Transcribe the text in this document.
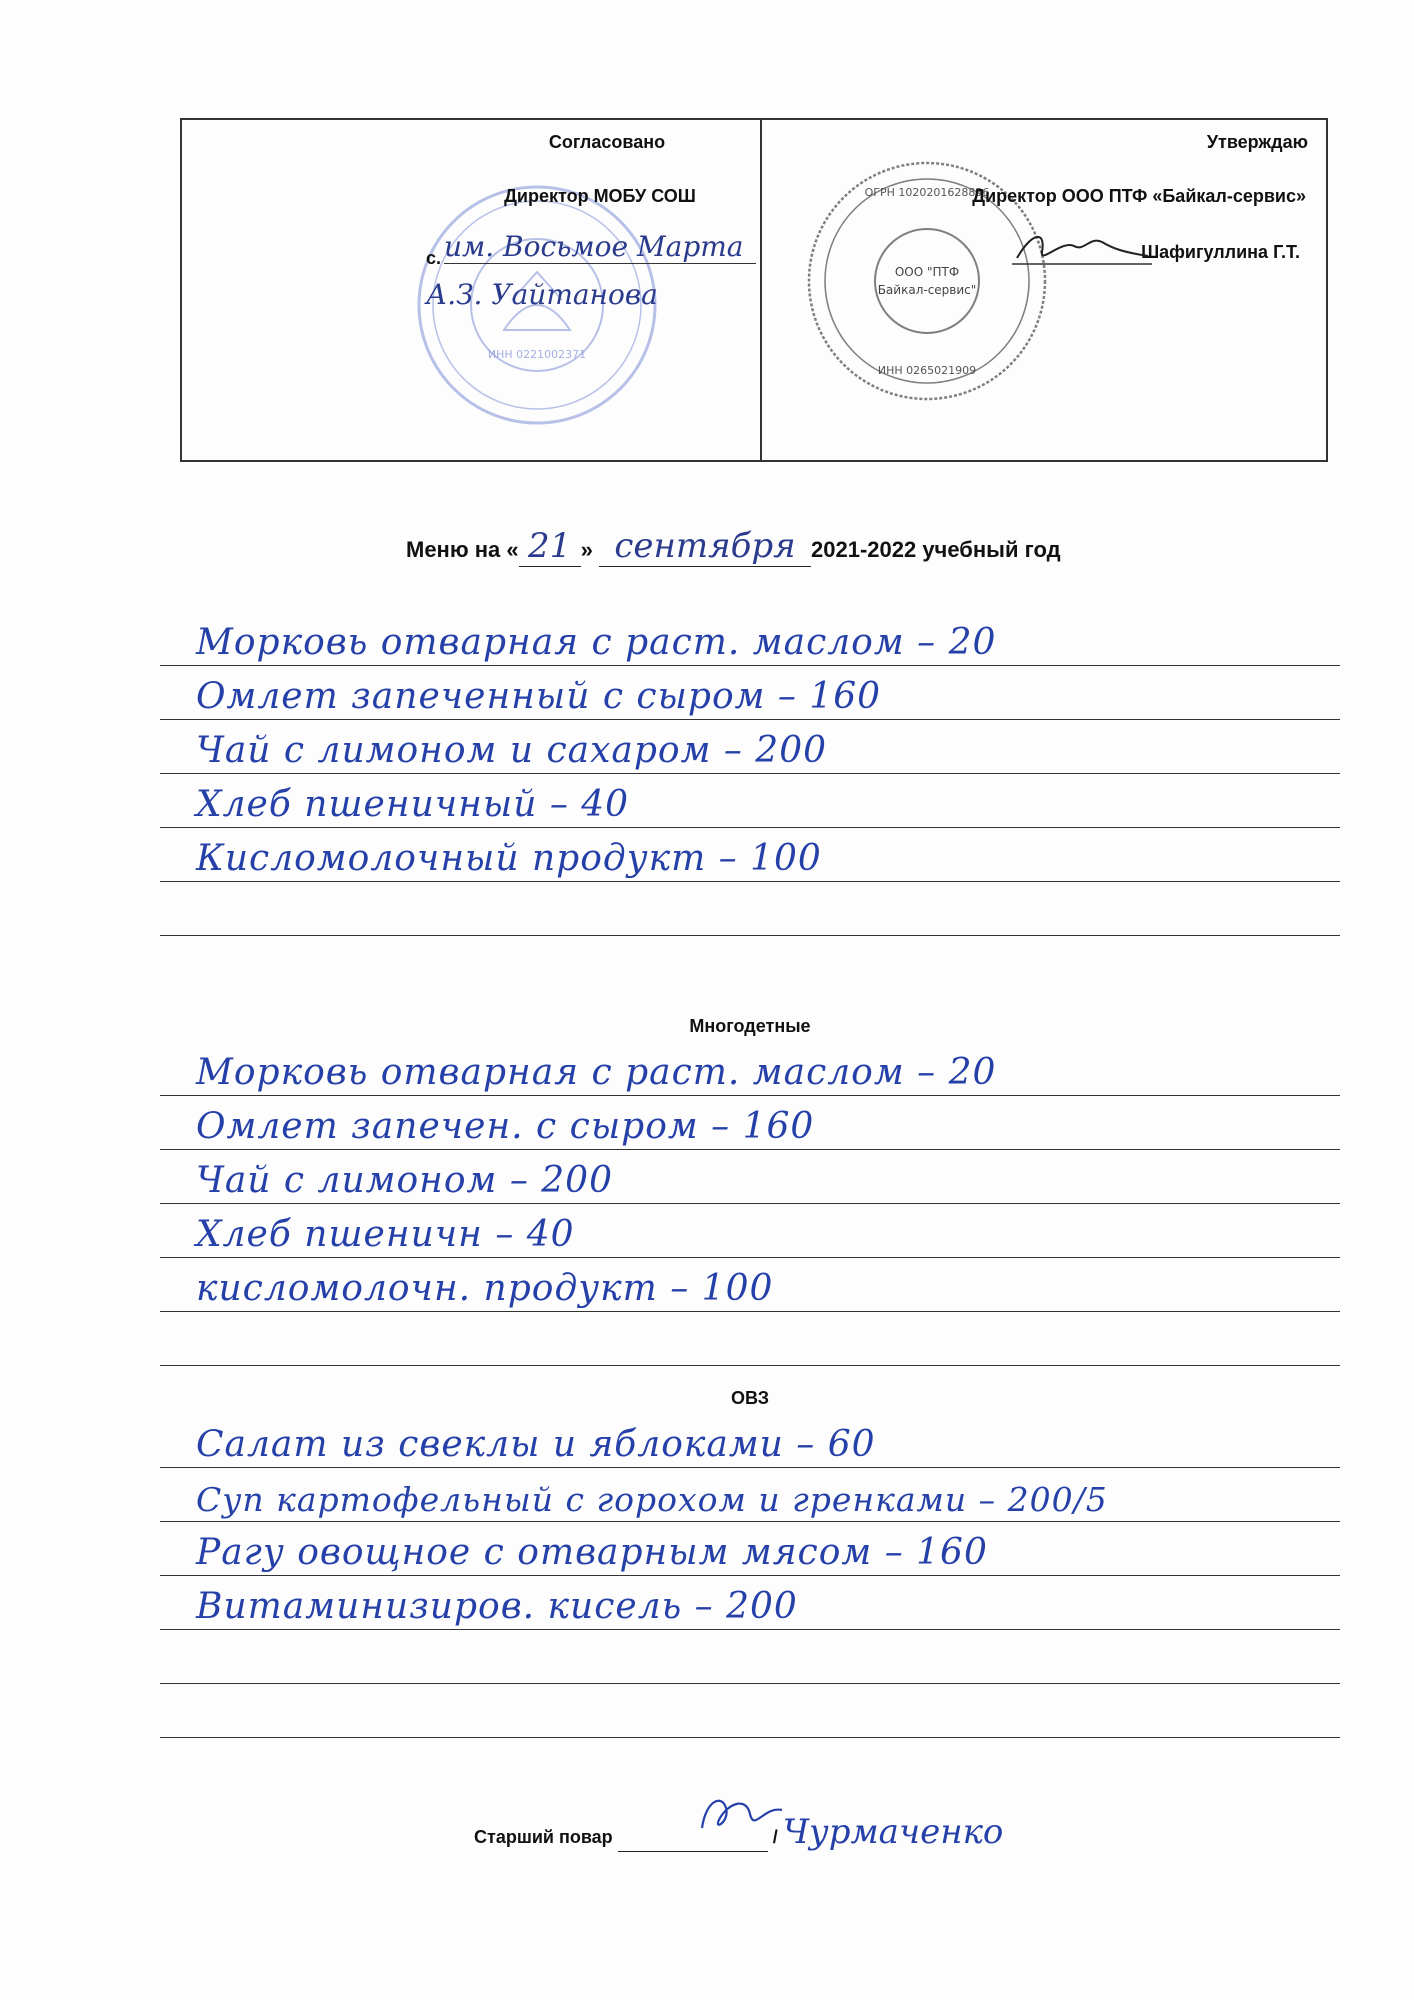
ИНН 0221002371
Согласовано
Директор МОБУ СОШ
с. им. Восьмое Марта
А.З. Уайтанова
ООО "ПТФ
Байкал-сервис"
ОГРН 1020201628856
ИНН 0265021909
Утверждаю
Директор ООО ПТФ «Байкал-сервис»
Шафигуллина Г.Т.
Меню на « 21 » сентября 2021-2022 учебный год
Морковь отварная с раст. маслом – 20
Омлет запеченный с сыром – 160
Чай с лимоном и сахаром – 200
Хлеб пшеничный – 40
Кисломолочный продукт – 100
Многодетные
Морковь отварная с раст. маслом – 20
Омлет запечен. с сыром – 160
Чай с лимоном – 200
Хлеб пшеничн – 40
кисломолочн. продукт – 100
ОВЗ
Салат из свеклы и яблоками – 60
Суп картофельный с горохом и гренками – 200/5
Рагу овощное с отварным мясом – 160
Витаминизиров. кисель – 200
Старший повар	/ Чурмаченко
